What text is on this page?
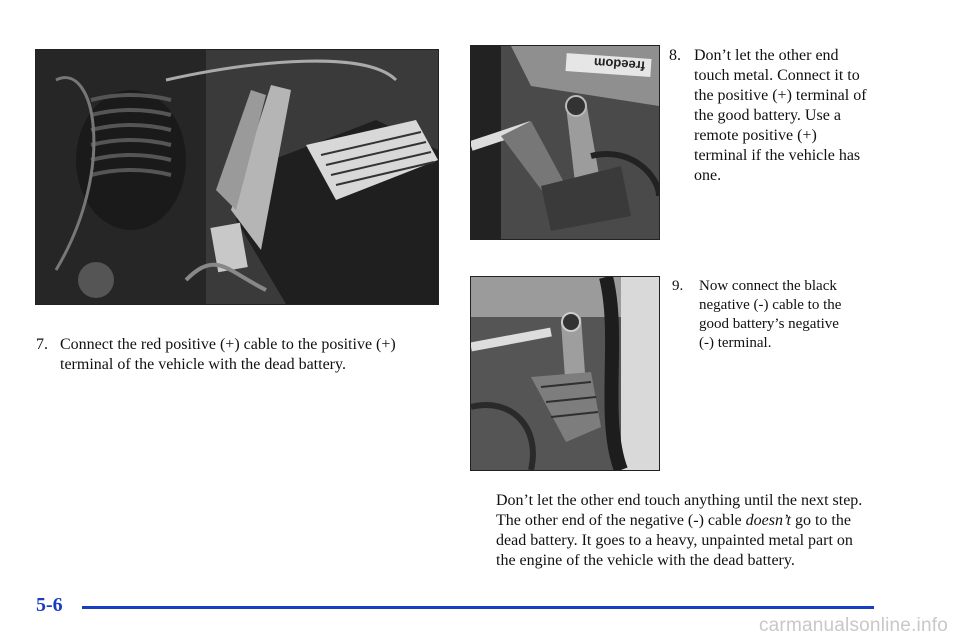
freedom
7. Connect the red positive (+) cable to the positive (+) terminal of the vehicle with the dead battery.
8. Don’t let the other end touch metal. Connect it to the positive (+) terminal of the good battery. Use a remote positive (+) terminal if the vehicle has one.
9. Now connect the black negative (-) cable to the good battery’s negative (-) terminal.

Don’t let the other end touch anything until the next step. The other end of the negative (-) cable doesn’t go to the dead battery. It goes to a heavy, unpainted metal part on the engine of the vehicle with the dead battery.

5-6
carmanualsonline.info
